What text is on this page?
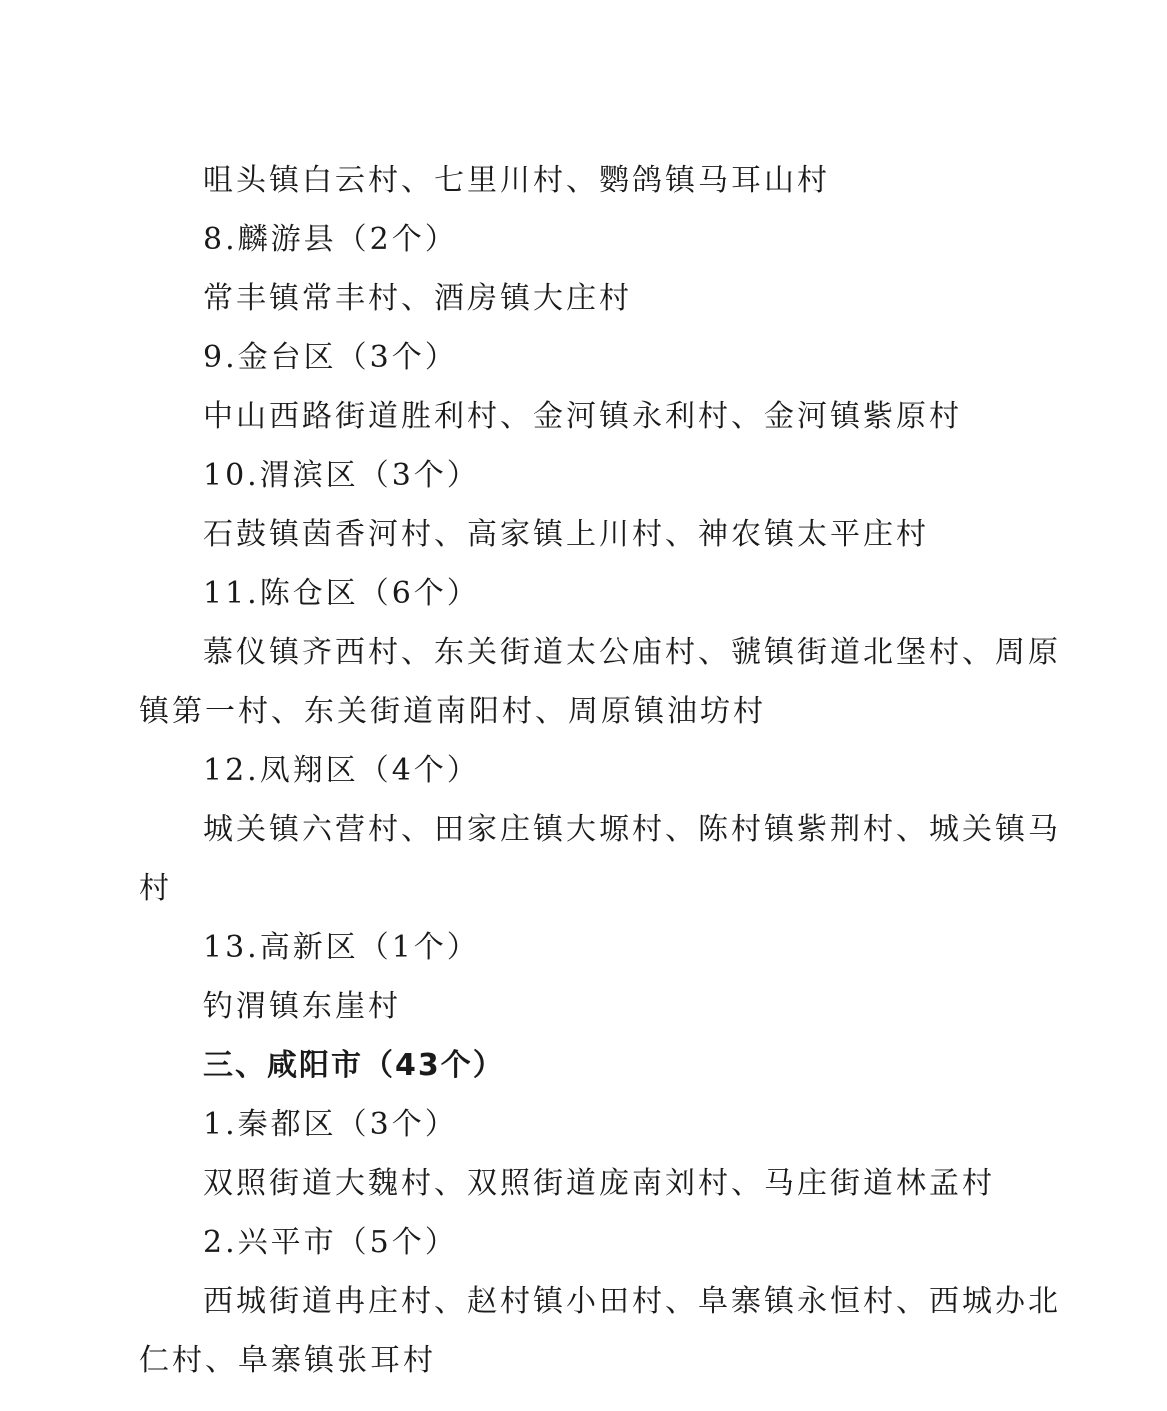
咀头镇白云村、七里川村、鹦鸽镇马耳山村
8.麟游县（2个）
常丰镇常丰村、酒房镇大庄村
9.金台区（3个）
中山西路街道胜利村、金河镇永利村、金河镇紫原村
10.渭滨区（3个）
石鼓镇茵香河村、高家镇上川村、神农镇太平庄村
11.陈仓区（6个）
慕仪镇齐西村、东关街道太公庙村、虢镇街道北堡村、周原
镇第一村、东关街道南阳村、周原镇油坊村
12.凤翔区（4个）
城关镇六营村、田家庄镇大塬村、陈村镇紫荆村、城关镇马
村
13.高新区（1个）
钓渭镇东崖村
三、咸阳市（43个）
1.秦都区（3个）
双照街道大魏村、双照街道庞南刘村、马庄街道林孟村
2.兴平市（5个）
西城街道冉庄村、赵村镇小田村、阜寨镇永恒村、西城办北
仁村、阜寨镇张耳村
